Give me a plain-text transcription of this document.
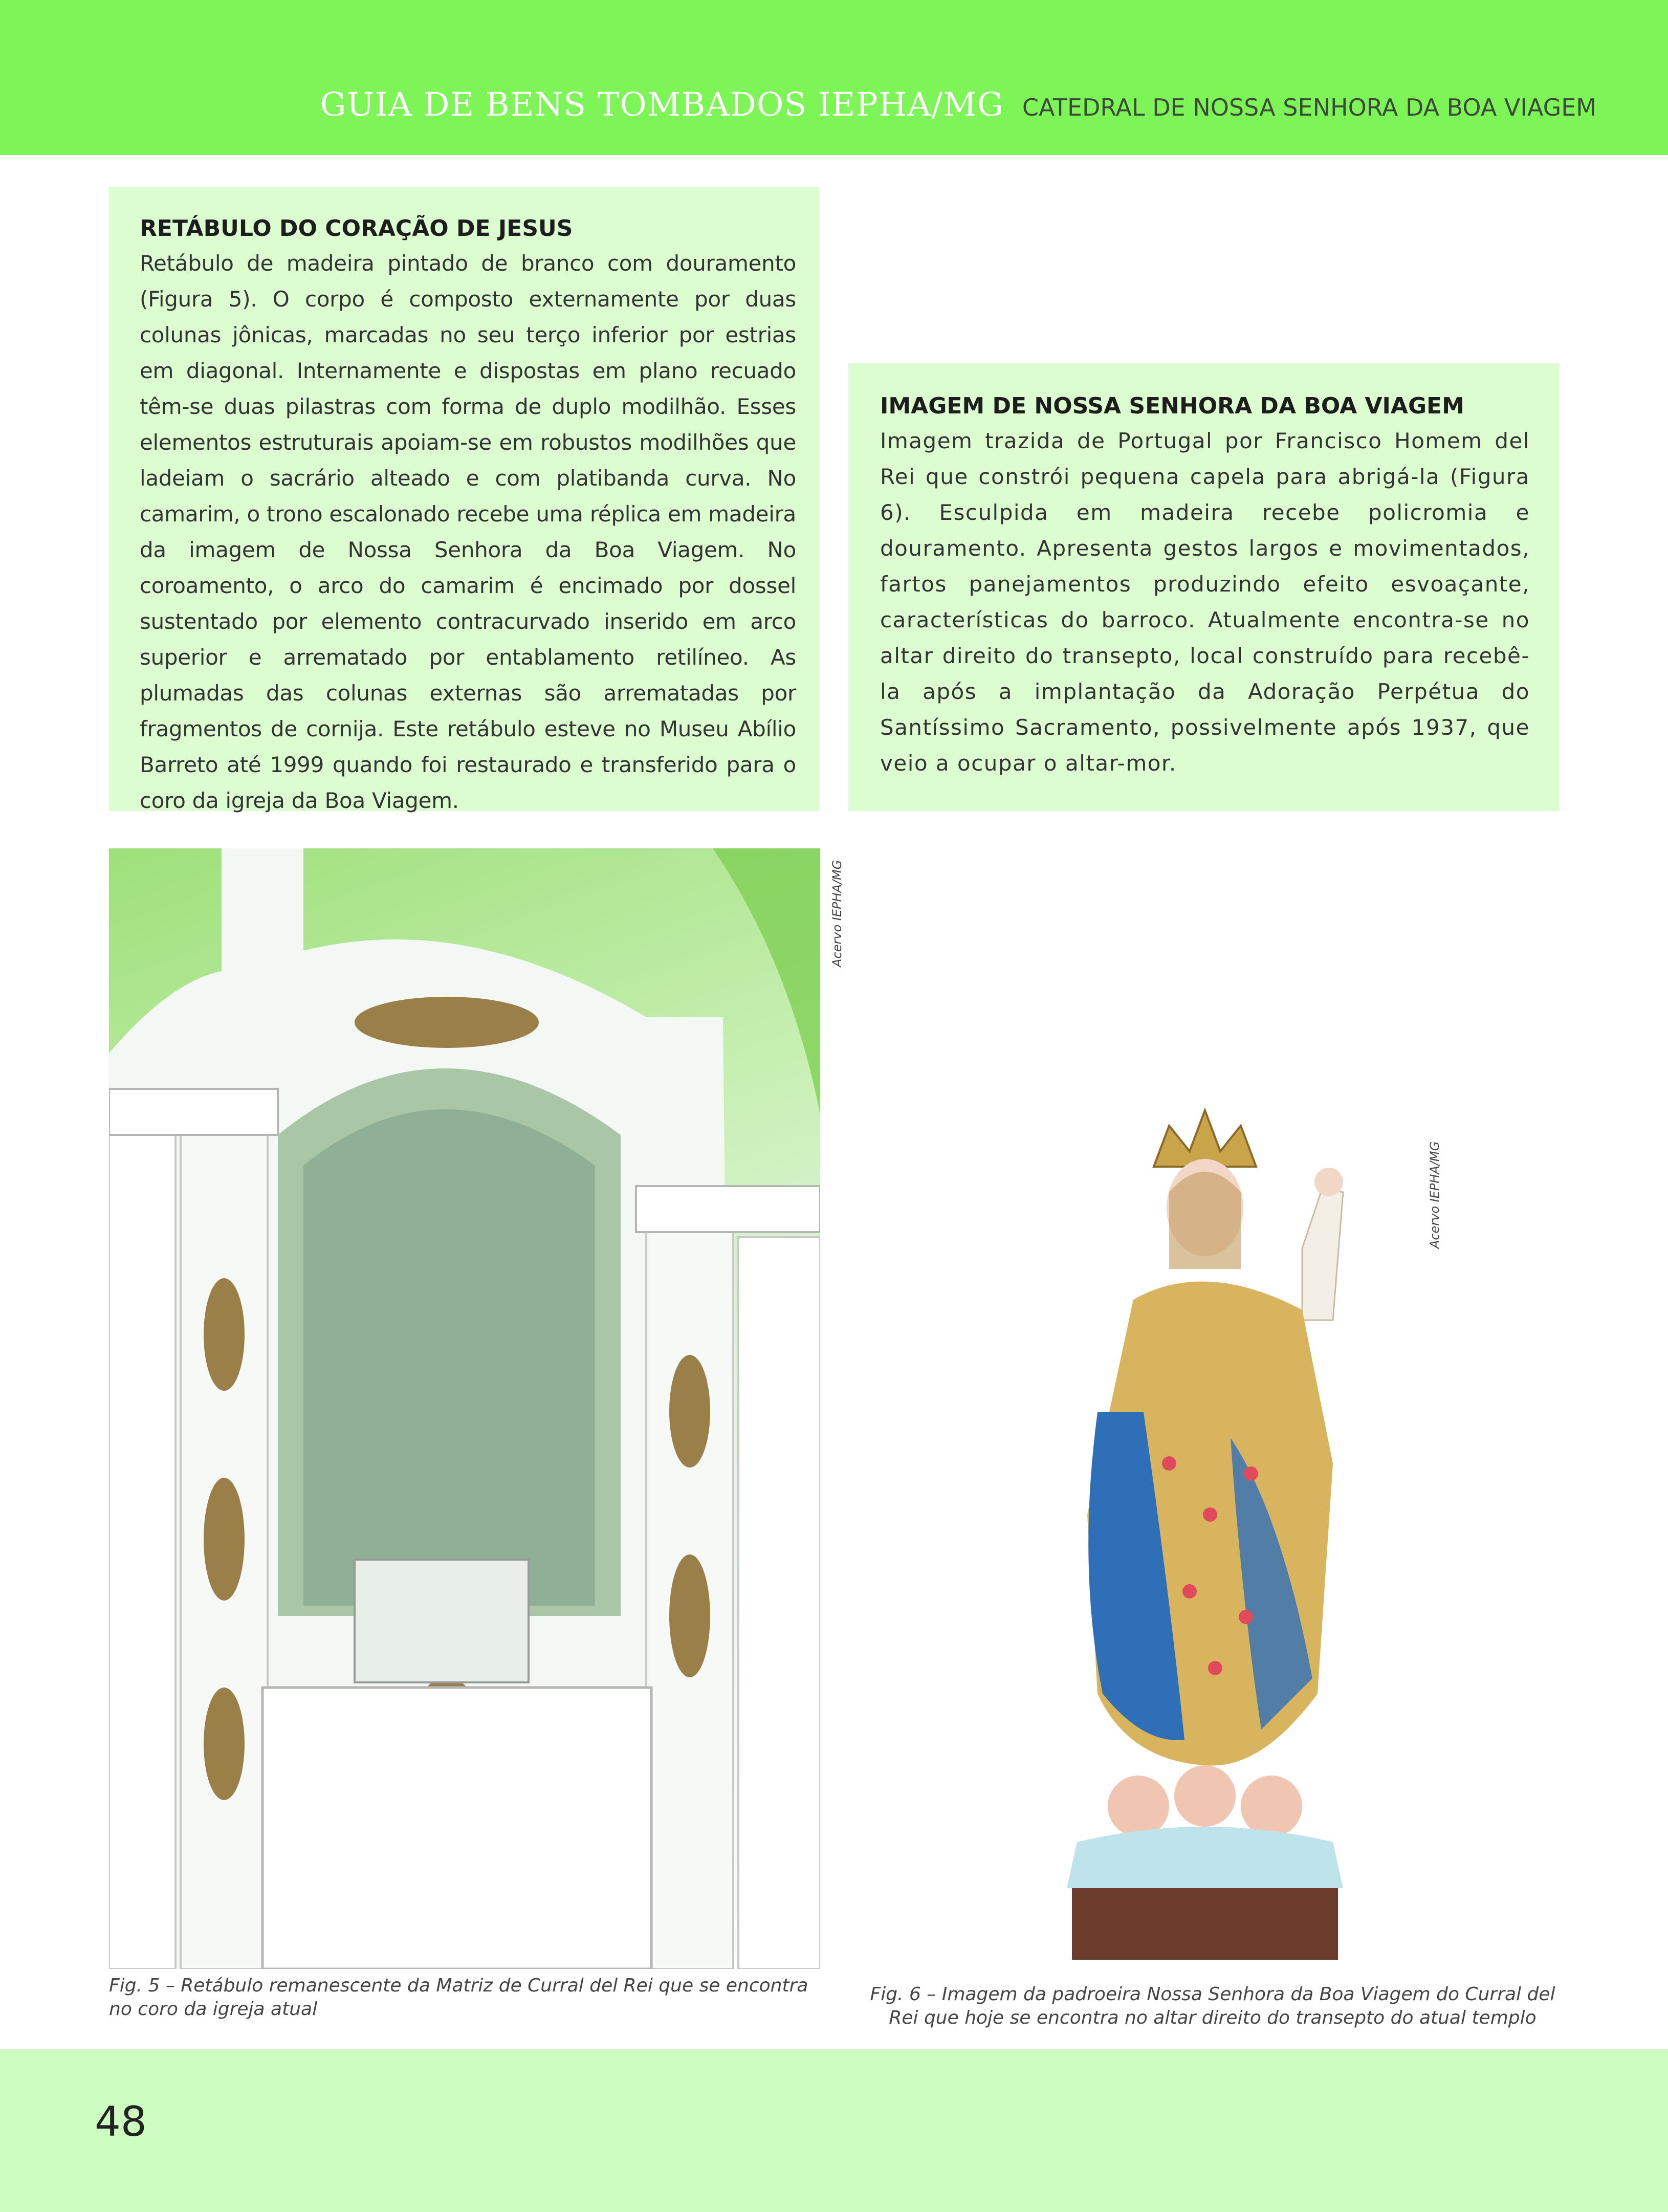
GUIA DE BENS TOMBADOS IEPHA/MG CATEDRAL DE NOSSA SENHORA DA BOA VIAGEM
RETÁBULO DO CORAÇÃO DE JESUS

Retábulo de madeira pintado de branco com douramento (Figura 5). O corpo é composto externamente por duas colunas jônicas, marcadas no seu terço inferior por estrias em diagonal. Internamente e dispostas em plano recuado têm-se duas pilastras com forma de duplo modilhão. Esses elementos estruturais apoiam-se em robustos modilhões que ladeiam o sacrário alteado e com platibanda curva. No camarim, o trono escalonado recebe uma réplica em madeira da imagem de Nossa Senhora da Boa Viagem. No coroamento, o arco do camarim é encimado por dossel sustentado por elemento contracurvado inserido em arco superior e arrematado por entablamento retilíneo. As plumadas das colunas externas são arrematadas por fragmentos de cornija. Este retábulo esteve no Museu Abílio Barreto até 1999 quando foi restaurado e transferido para o coro da igreja da Boa Viagem.

IMAGEM DE NOSSA SENHORA DA BOA VIAGEM

Imagem trazida de Portugal por Francisco Homem del Rei que constrói pequena capela para abrigá-la (Figura 6). Esculpida em madeira recebe policromia e douramento. Apresenta gestos largos e movimentados, fartos panejamentos produzindo efeito esvoaçante, características do barroco. Atualmente encontra-se no altar direito do transepto, local construído para recebê-la após a implantação da Adoração Perpétua do Santíssimo Sacramento, possivelmente após 1937, que veio a ocupar o altar-mor.

Acervo IEPHA/MG
Acervo IEPHA/MG
Fig. 5 – Retábulo remanescente da Matriz de Curral del Rei que se encontra no coro da igreja atual
Fig. 6 – Imagem da padroeira Nossa Senhora da Boa Viagem do Curral del Rei que hoje se encontra no altar direito do transepto do atual templo
48
